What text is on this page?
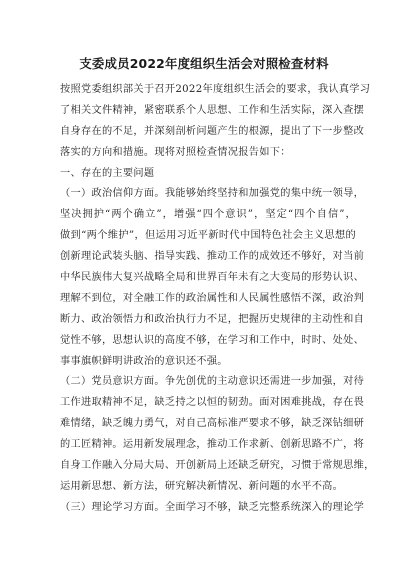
支委成员2022年度组织生活会对照检查材料
按照党委组织部关于召开2022年度组织生活会的要求，我认真学习
了相关文件精神，紧密联系个人思想、工作和生活实际，深入查摆
自身存在的不足，并深刻剖析问题产生的根源，提出了下一步整改
落实的方向和措施。现将对照检查情况报告如下：
一、存在的主要问题
（一）政治信仰方面。我能够始终坚持和加强党的集中统一领导，
坚决拥护“两个确立”，增强“四个意识”，坚定“四个自信”，
做到“两个维护”，但运用习近平新时代中国特色社会主义思想的
创新理论武装头脑、指导实践、推动工作的成效还不够好，对当前
中华民族伟大复兴战略全局和世界百年未有之大变局的形势认识、
理解不到位，对全融工作的政治属性和人民属性感悟不深，政治判
断力、政治领悟力和政治执行力不足，把握历史规律的主动性和自
觉性不够，思想认识的高度不够，在学习和工作中，时时、处处、
事事旗帜鲜明讲政治的意识还不强。
（二）党员意识方面。争先创优的主动意识还需进一步加强，对待
工作进取精神不足，缺乏持之以恒的韧劲。面对困难挑战，存在畏
难情绪，缺乏魄力勇气，对自己高标准严要求不够，缺乏深钻细研
的工匠精神。运用新发展理念，推动工作求新、创新思路不广，将
自身工作融入分局大局、开创新局上还缺乏研究，习惯于常规思维，
运用新思想、新方法，研究解决新情况、新问题的水平不高。
（三）理论学习方面。全面学习不够，缺乏完整系统深入的理论学
